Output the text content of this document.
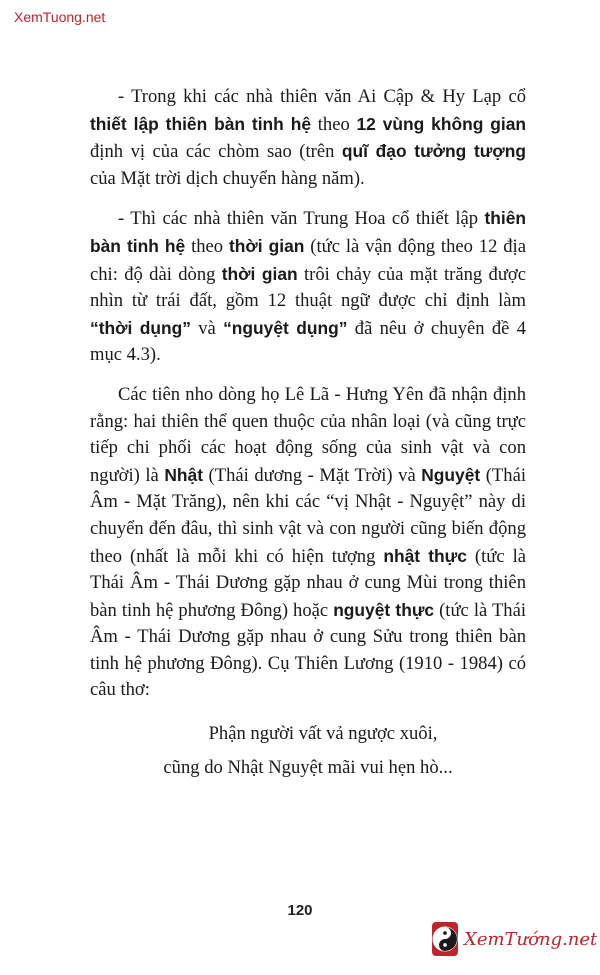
XemTuong.net

- Trong khi các nhà thiên văn Ai Cập & Hy Lạp cổ thiết lập thiên bàn tinh hệ theo 12 vùng không gian định vị của các chòm sao (trên quĩ đạo tưởng tượng của Mặt trời dịch chuyển hàng năm).

- Thì các nhà thiên văn Trung Hoa cổ thiết lập thiên bàn tinh hệ theo thời gian (tức là vận động theo 12 địa chi: độ dài dòng thời gian trôi chảy của mặt trăng được nhìn từ trái đất, gồm 12 thuật ngữ được chỉ định làm “thời dụng” và “nguyệt dụng” đã nêu ở chuyên đề 4 mục 4.3).

Các tiên nho dòng họ Lê Lã - Hưng Yên đã nhận định rằng: hai thiên thể quen thuộc của nhân loại (và cũng trực tiếp chi phối các hoạt động sống của sinh vật và con người) là Nhật (Thái dương - Mặt Trời) và Nguyệt (Thái Âm - Mặt Trăng), nên khi các “vị Nhật - Nguyệt” này di chuyển đến đâu, thì sinh vật và con người cũng biến động theo (nhất là mỗi khi có hiện tượng nhật thực (tức là Thái Âm - Thái Dương gặp nhau ở cung Mùi trong thiên bàn tinh hệ phương Đông) hoặc nguyệt thực (tức là Thái Âm - Thái Dương gặp nhau ở cung Sửu trong thiên bàn tinh hệ phương Đông). Cụ Thiên Lương (1910 - 1984) có câu thơ:

Phận người vất vả ngược xuôi,
cũng do Nhật Nguyệt mãi vui hẹn hò...
120
XemTướng.net
